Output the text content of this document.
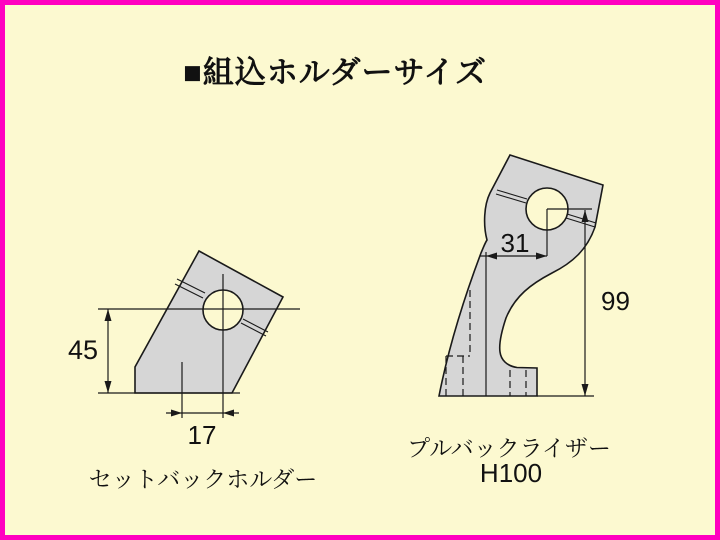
■組込ホルダーサイズ
45
17
31
99
セットバックホルダー
プルバックライザー
H100
